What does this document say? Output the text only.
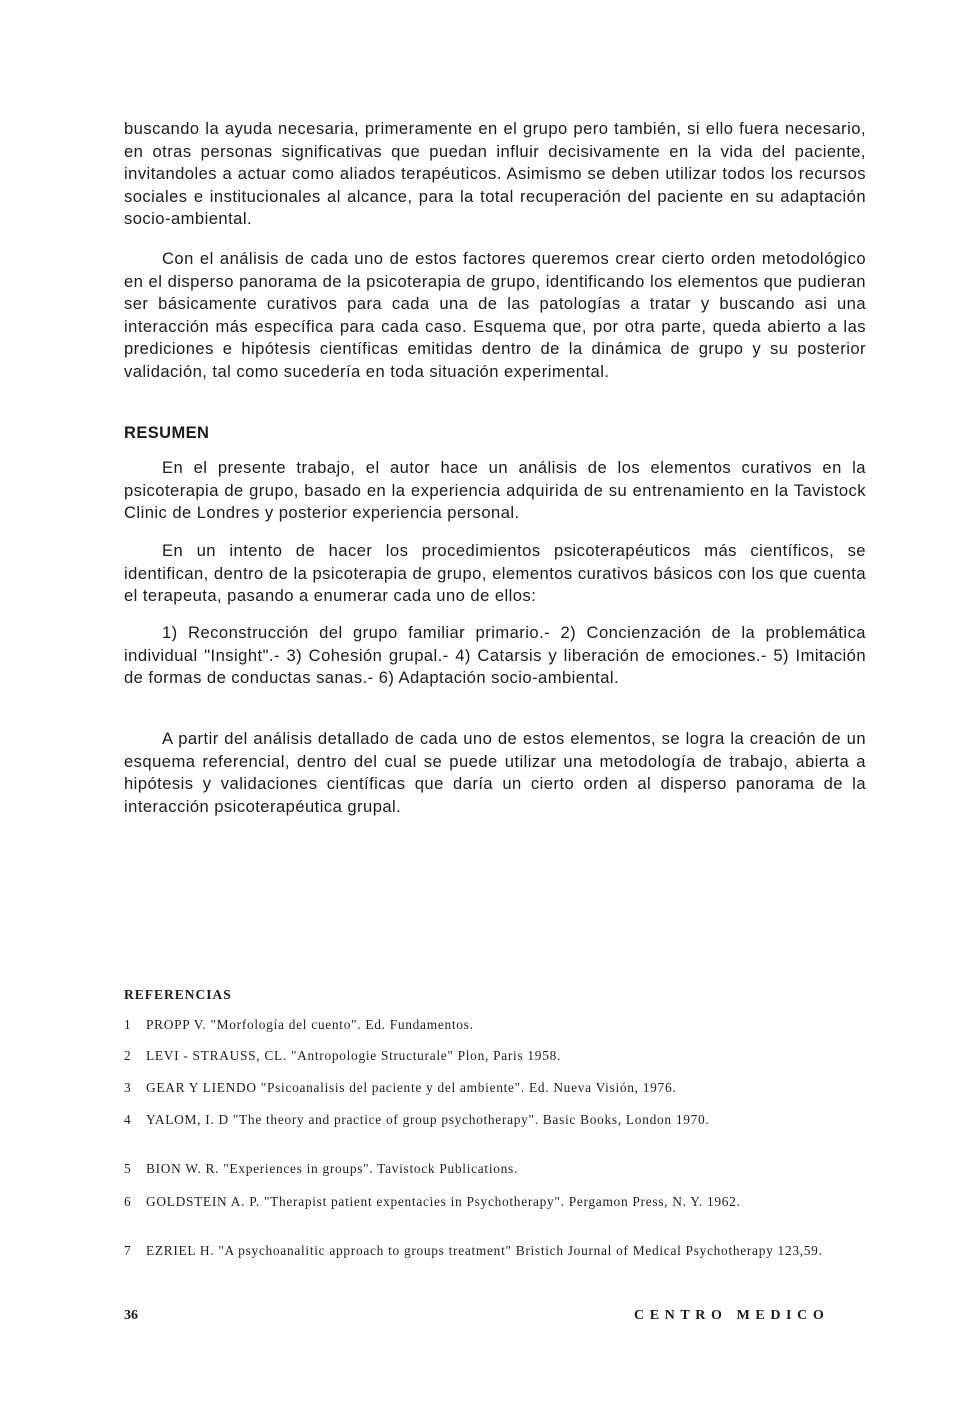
buscando la ayuda necesaria, primeramente en el grupo pero también, si ello fuera necesario, en otras personas significativas que puedan influir decisivamente en la vida del paciente, invitandoles a actuar como aliados terapéuticos. Asimismo se deben utilizar todos los recursos sociales e institucionales al alcance, para la total recuperación del paciente en su adaptación socio-ambiental.

Con el análisis de cada uno de estos factores queremos crear cierto orden metodológico en el disperso panorama de la psicoterapia de grupo, identificando los elementos que pudieran ser básicamente curativos para cada una de las patologías a tratar y buscando asi una interacción más específica para cada caso. Esquema que, por otra parte, queda abierto a las prediciones e hipótesis científicas emitidas dentro de la dinámica de grupo y su posterior validación, tal como sucedería en toda situación experimental.

RESUMEN

En el presente trabajo, el autor hace un análisis de los elementos curativos en la psicoterapia de grupo, basado en la experiencia adquirida de su entrenamiento en la Tavistock Clinic de Londres y posterior experiencia personal.

En un intento de hacer los procedimientos psicoterapéuticos más científicos, se identifican, dentro de la psicoterapia de grupo, elementos curativos básicos con los que cuenta el terapeuta, pasando a enumerar cada uno de ellos:

1) Reconstrucción del grupo familiar primario.- 2) Concienzación de la problemática individual "Insight".- 3) Cohesión grupal.- 4) Catarsis y liberación de emociones.- 5) Imitación de formas de conductas sanas.- 6) Adaptación socio-ambiental.

A partir del análisis detallado de cada uno de estos elementos, se logra la creación de un esquema referencial, dentro del cual se puede utilizar una metodología de trabajo, abierta a hipótesis y validaciones científicas que daría un cierto orden al disperso panorama de la interacción psicoterapéutica grupal.

REFERENCIAS
1	PROPP V. "Morfología del cuento". Ed. Fundamentos.
2	LEVI - STRAUSS, CL. "Antropologie Structurale" Plon, Paris 1958.
3	GEAR Y LIENDO "Psicoanalisis del paciente y del ambiente". Ed. Nueva Visión, 1976.
4	YALOM, I. D "The theory and practice of group psychotherapy". Basic Books, London 1970.
5	BION W. R. "Experiences in groups". Tavistock Publications.
6	GOLDSTEIN A. P. "Therapist patient expentacies in Psychotherapy". Pergamon Press, N. Y. 1962.
7	EZRIEL H. "A psychoanalitic approach to groups treatment" Bristich Journal of Medical Psychotherapy 123,59.

36	CENTRO MEDICO
